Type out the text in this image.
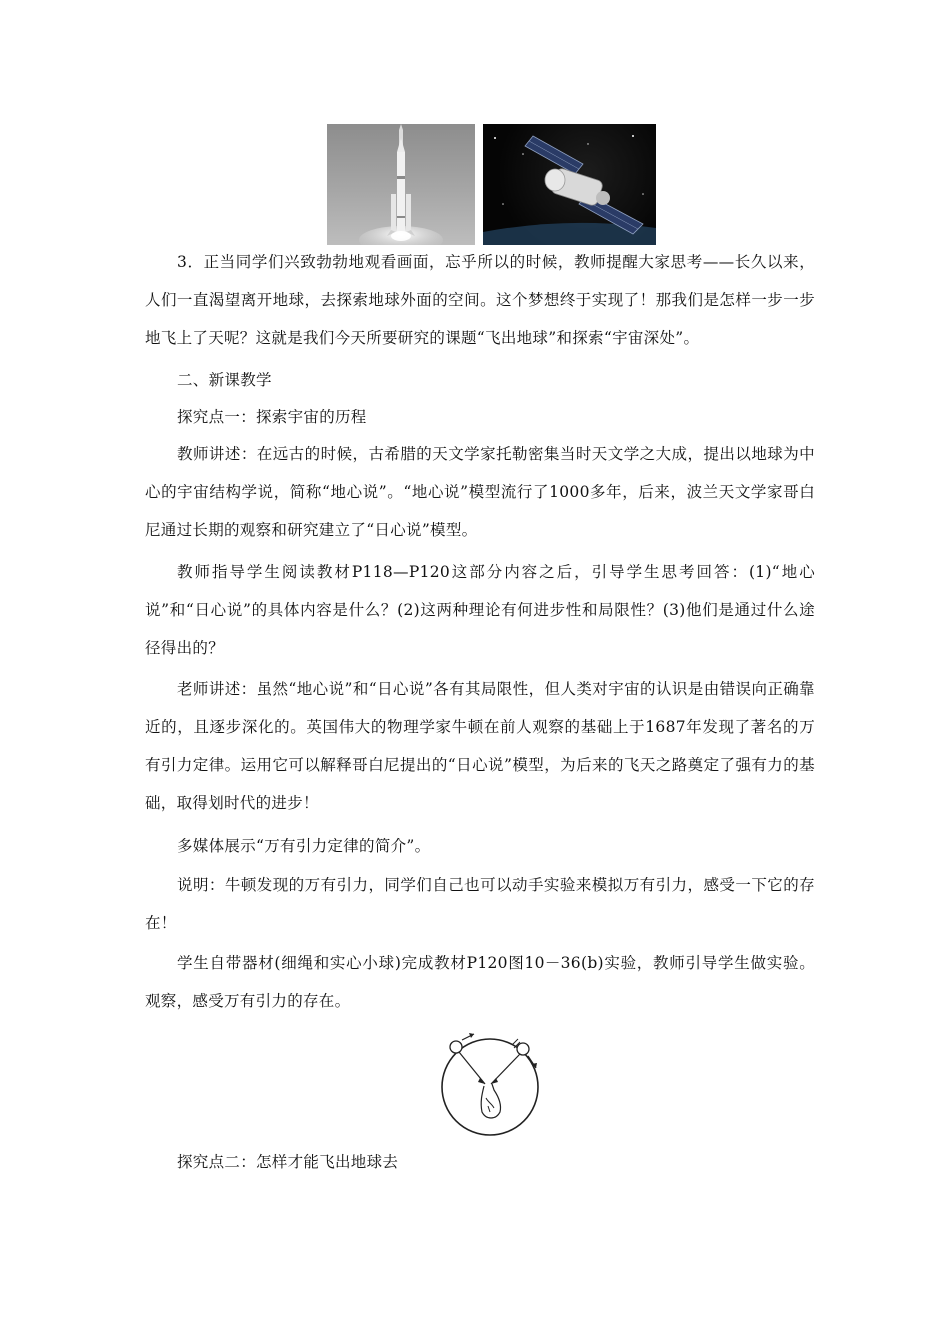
3．正当同学们兴致勃勃地观看画面，忘乎所以的时候，教师提醒大家思考——长久以来，人们一直渴望离开地球，去探索地球外面的空间。这个梦想终于实现了！那我们是怎样一步一步地飞上了天呢？这就是我们今天所要研究的课题“飞出地球”和探索“宇宙深处”。

二、新课教学

探究点一：探索宇宙的历程

教师讲述：在远古的时候，古希腊的天文学家托勒密集当时天文学之大成，提出以地球为中心的宇宙结构学说，简称“地心说”。“地心说”模型流行了1000多年，后来，波兰天文学家哥白尼通过长期的观察和研究建立了“日心说”模型。

教师指导学生阅读教材P118—P120这部分内容之后，引导学生思考回答：(1)“地心说”和“日心说”的具体内容是什么？(2)这两种理论有何进步性和局限性？(3)他们是通过什么途径得出的？

老师讲述：虽然“地心说”和“日心说”各有其局限性，但人类对宇宙的认识是由错误向正确靠近的，且逐步深化的。英国伟大的物理学家牛顿在前人观察的基础上于1687年发现了著名的万有引力定律。运用它可以解释哥白尼提出的“日心说”模型，为后来的飞天之路奠定了强有力的基础，取得划时代的进步！

多媒体展示“万有引力定律的简介”。

说明：牛顿发现的万有引力，同学们自己也可以动手实验来模拟万有引力，感受一下它的存在！

学生自带器材(细绳和实心小球)完成教材P120图10－36(b)实验，教师引导学生做实验。观察，感受万有引力的存在。

探究点二：怎样才能飞出地球去
